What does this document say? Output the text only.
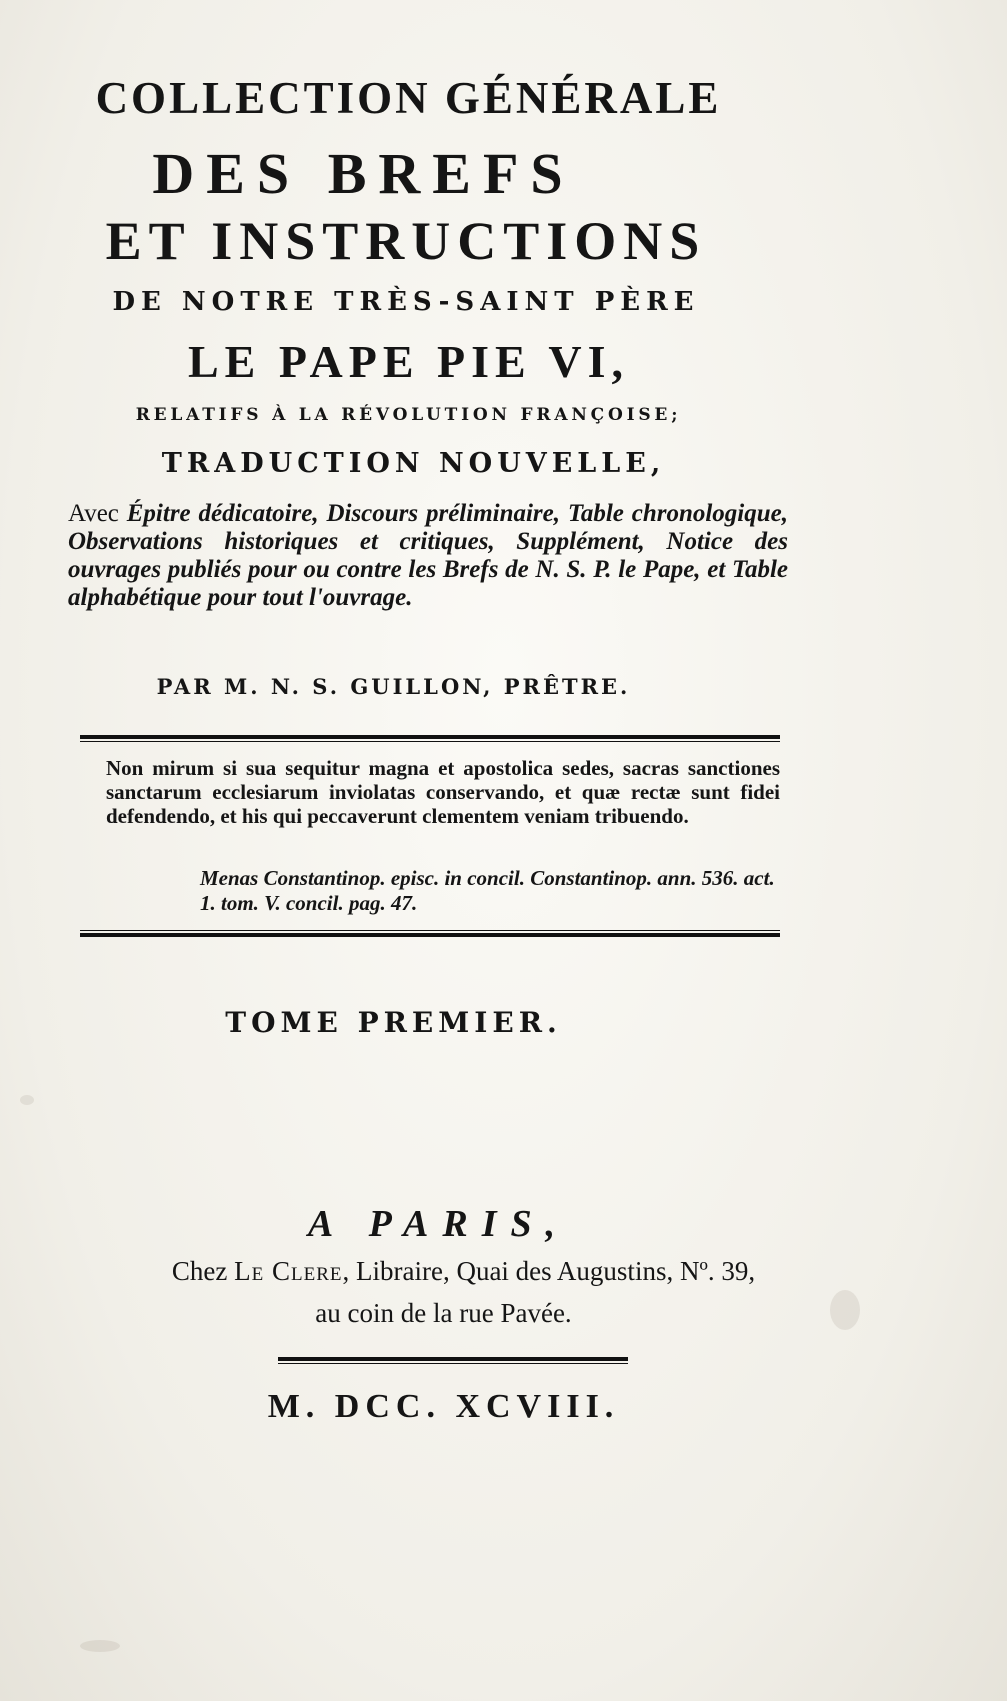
COLLECTION GÉNÉRALE
DES BREFS
ET INSTRUCTIONS
DE NOTRE TRÈS-SAINT PÈRE
LE PAPE PIE VI,
RELATIFS À LA RÉVOLUTION FRANÇOISE;
TRADUCTION NOUVELLE,
Avec Épitre dédicatoire, Discours préliminaire, Table chronologique, Observations historiques et critiques, Supplément, Notice des ouvrages publiés pour ou contre les Brefs de N. S. P. le Pape, et Table alphabétique pour tout l'ouvrage.
PAR M. N. S. GUILLON, PRÊTRE.
Non mirum si sua sequitur magna et apostolica sedes, sacras sanctiones sanctarum ecclesiarum inviolatas conservando, et quæ rectæ sunt fidei defendendo, et his qui peccaverunt clementem veniam tribuendo.
Menas Constantinop. episc. in concil. Constantinop. ann. 536. act. 1. tom. V. concil. pag. 47.
TOME PREMIER.
A PARIS,
Chez Le Clere, Libraire, Quai des Augustins, Nº. 39,
au coin de la rue Pavée.
M. DCC. XCVIII.
